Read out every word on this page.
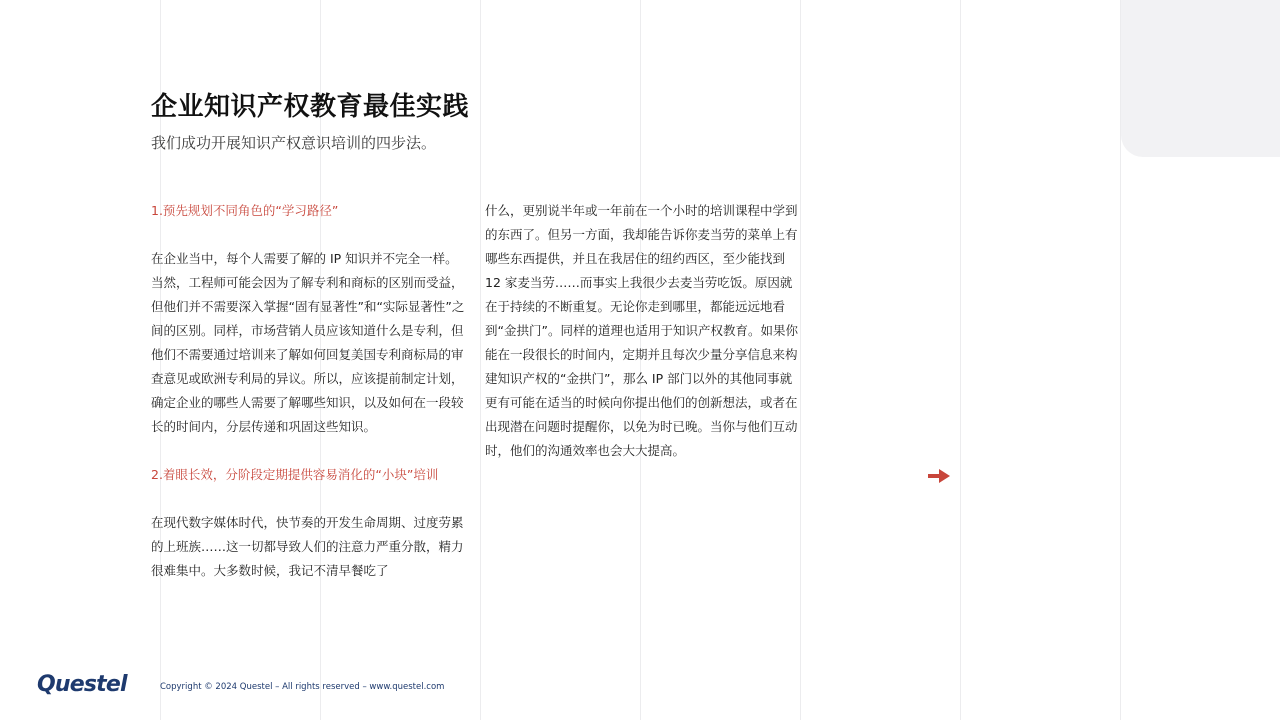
企业知识产权教育最佳实践

我们成功开展知识产权意识培训的四步法。

1.预先规划不同角色的“学习路径”

在企业当中，每个人需要了解的 IP 知识并不完全一样。当然，工程师可能会因为了解专利和商标的区别而受益，但他们并不需要深入掌握“固有显著性”和“实际显著性”之间的区别。同样，市场营销人员应该知道什么是专利，但他们不需要通过培训来了解如何回复美国专利商标局的审查意见或欧洲专利局的异议。所以，应该提前制定计划，确定企业的哪些人需要了解哪些知识，以及如何在一段较长的时间内，分层传递和巩固这些知识。

2.着眼长效，分阶段定期提供容易消化的“小块”培训

在现代数字媒体时代，快节奏的开发生命周期、过度劳累的上班族……这一切都导致人们的注意力严重分散，精力很难集中。大多数时候，我记不清早餐吃了

什么，更别说半年或一年前在一个小时的培训课程中学到的东西了。但另一方面，我却能告诉你麦当劳的菜单上有哪些东西提供，并且在我居住的纽约西区，至少能找到 12 家麦当劳……而事实上我很少去麦当劳吃饭。原因就在于持续的不断重复。无论你走到哪里，都能远远地看到“金拱门”。同样的道理也适用于知识产权教育。如果你能在一段很长的时间内，定期并且每次少量分享信息来构建知识产权的“金拱门”，那么 IP 部门以外的其他同事就更有可能在适当的时候向你提出他们的创新想法，或者在出现潜在问题时提醒你，以免为时已晚。当你与他们互动时，他们的沟通效率也会大大提高。

Questel	Copyright © 2024 Questel – All rights reserved – www.questel.com
